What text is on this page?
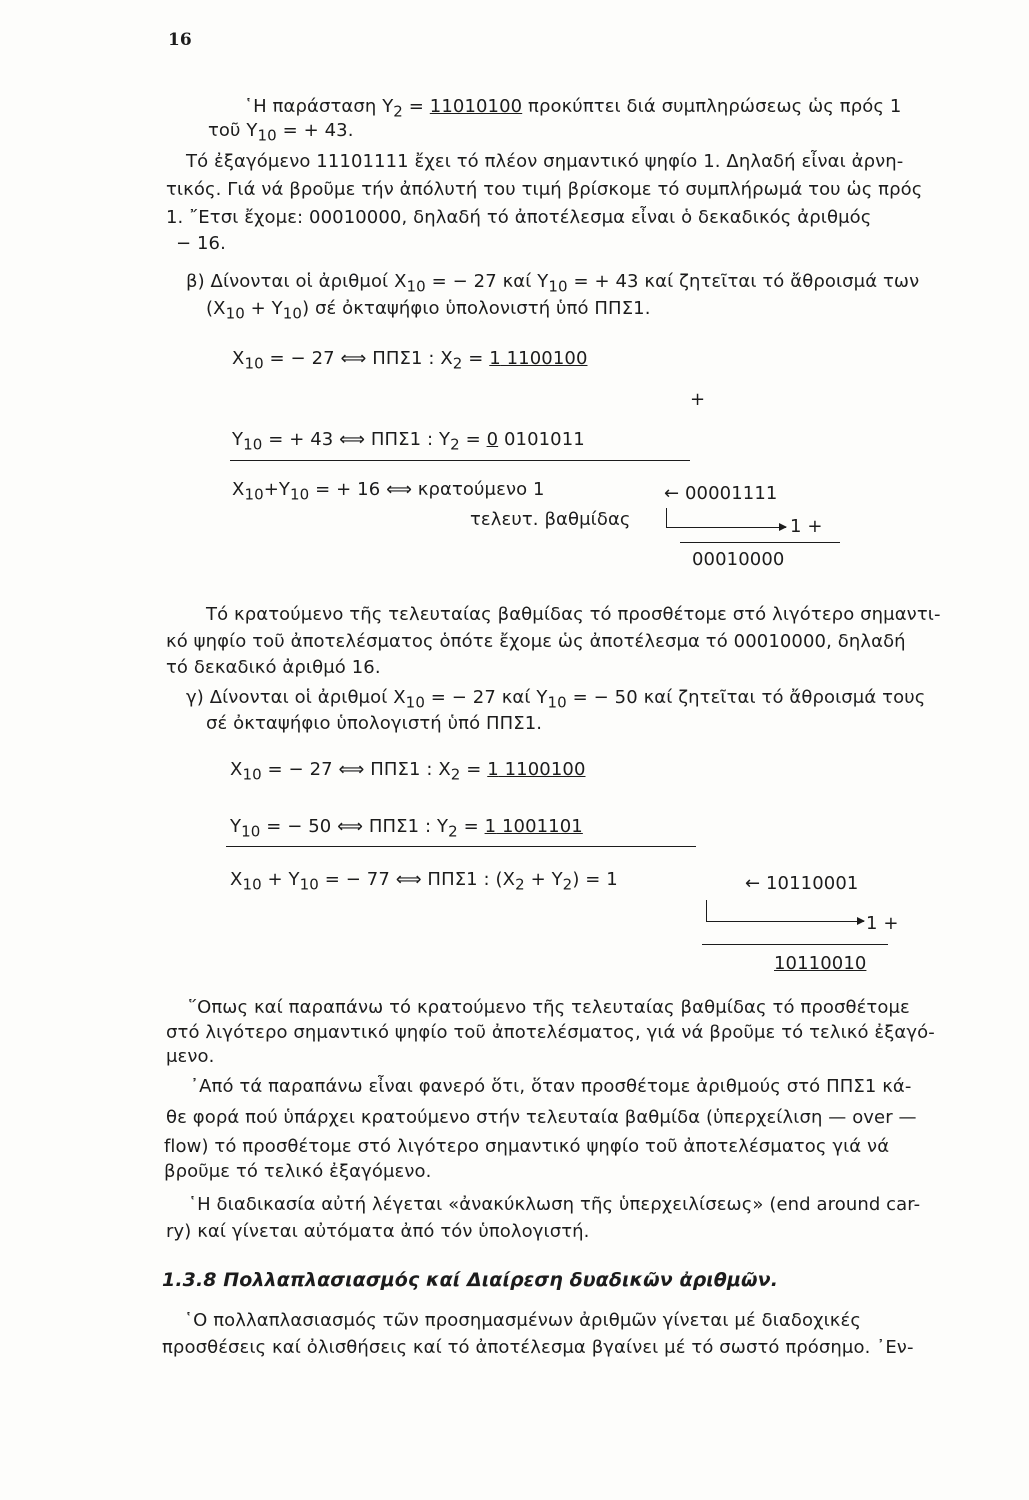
16
῾Η παράσταση $Y_2 = 11010100$ προκύπτει διά συμπληρώσεως ὡς πρός 1
τοῦ $Y_{10}$ = + 43.
Τό ἐξαγόμενο 11101111 ἔχει τό πλέον σημαντικό ψηφίο 1. Δηλαδή εἶναι ἀρνη-
τικός. Γιά νά βροῦμε τήν ἀπόλυτή του τιμή βρίσκομε τό συμπλήρωμά του ὡς πρός
1. ῎Ετσι ἔχομε: 00010000, δηλαδή τό ἀποτέλεσμα εἶναι ὁ δεκαδικός ἀριθμός
− 16.
β) Δίνονται οἱ ἀριθμοί $X_{10}$ = − 27 καί $Y_{10}$ = + 43 καί ζητεῖται τό ἄθροισμά των
$(X_{10} + Y_{10})$ σέ ὀκταψήφιο ὑπολονιστή ὑπό ΠΠΣ1.
$X_{10}$ = − 27 ⟺ ΠΠΣ1 : $X_2 = 1$ 1100100
+
$Y_{10}$ = + 43 ⟺ ΠΠΣ1 : $Y_2 = 0$ 0101011
$X_{10}+Y_{10}$ = + 16 ⟺ κρατούμενο 1	← 00001111
τελευτ. βαθμίδας	1 +
00010000
Τό κρατούμενο τῆς τελευταίας βαθμίδας τό προσθέτομε στό λιγότερο σημαντι-
κό ψηφίο τοῦ ἀποτελέσματος ὁπότε ἔχομε ὡς ἀποτέλεσμα τό 00010000, δηλαδή
τό δεκαδικό ἀριθμό 16.
γ) Δίνονται οἱ ἀριθμοί $X_{10}$ = − 27 καί $Y_{10}$ = − 50 καί ζητεῖται τό ἄθροισμά τους
σέ ὀκταψήφιο ὑπολογιστή ὑπό ΠΠΣ1.
$X_{10}$ = − 27 ⟺ ΠΠΣ1 : $X_2 = 1$ 1100100
$Y_{10}$ = − 50 ⟺ ΠΠΣ1 : $Y_2 = 1$ 1001101
$X_{10} + Y_{10}$ = − 77 ⟺ ΠΠΣ1 : $(X_2 + Y_2) = 1$	← 10110001
1 +
10110010
῞Οπως καί παραπάνω τό κρατούμενο τῆς τελευταίας βαθμίδας τό προσθέτομε
στό λιγότερο σημαντικό ψηφίο τοῦ ἀποτελέσματος, γιά νά βροῦμε τό τελικό ἐξαγό-
μενο.
᾿Από τά παραπάνω εἶναι φανερό ὅτι, ὅταν προσθέτομε ἀριθμούς στό ΠΠΣ1 κά-
θε φορά πού ὑπάρχει κρατούμενο στήν τελευταία βαθμίδα (ὑπερχείλιση — over —
flow) τό προσθέτομε στό λιγότερο σημαντικό ψηφίο τοῦ ἀποτελέσματος γιά νά
βροῦμε τό τελικό ἐξαγόμενο.
῾Η διαδικασία αὐτή λέγεται «ἀνακύκλωση τῆς ὑπερχειλίσεως» (end around car-
ry) καί γίνεται αὐτόματα ἀπό τόν ὑπολογιστή.
1.3.8 Πολλαπλασιασμός καί Διαίρεση δυαδικῶν ἀριθμῶν.
῾Ο πολλαπλασιασμός τῶν προσημασμένων ἀριθμῶν γίνεται μέ διαδοχικές
προσθέσεις καί ὀλισθήσεις καί τό ἀποτέλεσμα βγαίνει μέ τό σωστό πρόσημο. ᾿Εν-
